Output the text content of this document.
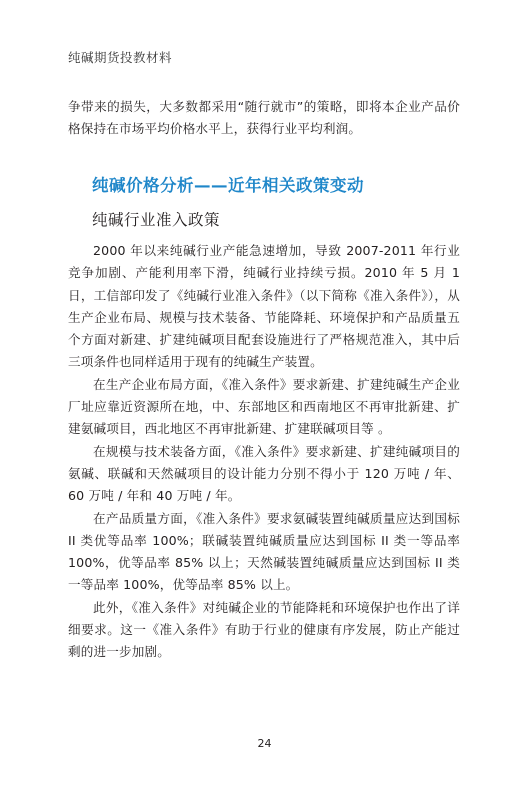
纯碱期货投教材料

争带来的损失，大多数都采用“随行就市”的策略，即将本企业产品价格保持在市场平均价格水平上，获得行业平均利润。

纯碱价格分析——近年相关政策变动
纯碱行业准入政策

2000 年以来纯碱行业产能急速增加，导致 2007-2011 年行业竞争加剧、产能利用率下滑，纯碱行业持续亏损。2010 年 5 月 1 日，工信部印发了《纯碱行业准入条件》（以下简称《准入条件》），从生产企业布局、规模与技术装备、节能降耗、环境保护和产品质量五个方面对新建、扩建纯碱项目配套设施进行了严格规范准入，其中后三项条件也同样适用于现有的纯碱生产装置。

在生产企业布局方面，《准入条件》要求新建、扩建纯碱生产企业厂址应靠近资源所在地，中、东部地区和西南地区不再审批新建、扩建氨碱项目，西北地区不再审批新建、扩建联碱项目等 。

在规模与技术装备方面，《准入条件》要求新建、扩建纯碱项目的氨碱、联碱和天然碱项目的设计能力分别不得小于 120 万吨 / 年、60 万吨 / 年和 40 万吨 / 年。

在产品质量方面，《准入条件》要求氨碱装置纯碱质量应达到国标 II 类优等品率 100%；联碱装置纯碱质量应达到国标 II 类一等品率 100%，优等品率 85% 以上；天然碱装置纯碱质量应达到国标 II 类一等品率 100%，优等品率 85% 以上。

此外，《准入条件》对纯碱企业的节能降耗和环境保护也作出了详细要求。这一《准入条件》有助于行业的健康有序发展，防止产能过剩的进一步加剧。

24
